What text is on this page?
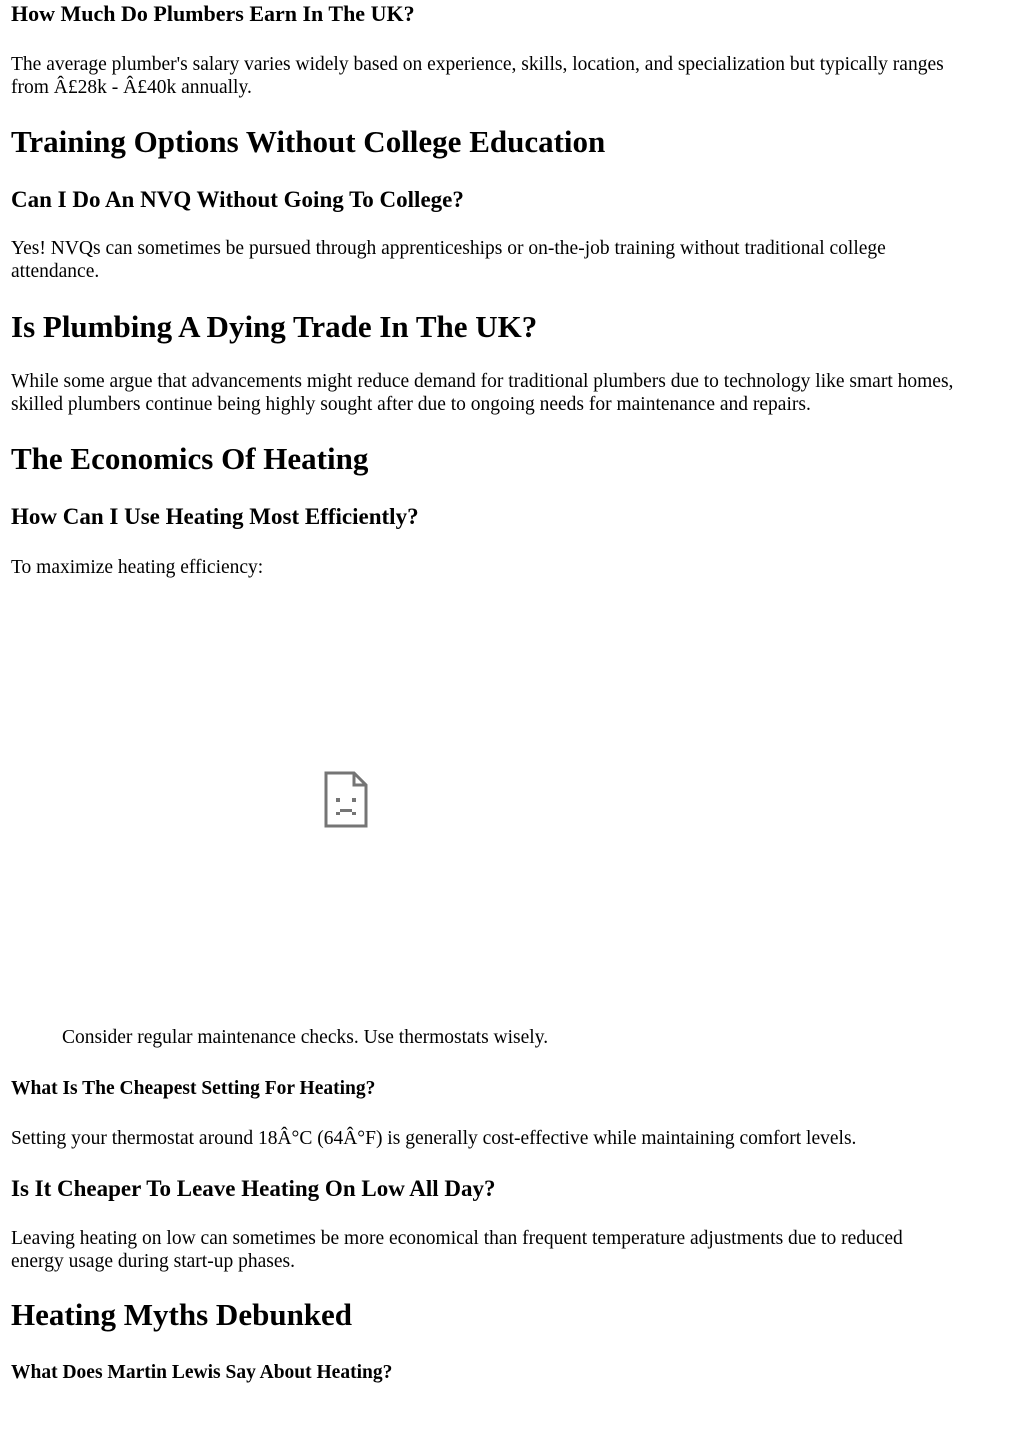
How Much Do Plumbers Earn In The UK?

The average plumber's salary varies widely based on experience, skills, location, and specialization but typically ranges

from Â£28k - Â£40k annually.

Training Options Without College Education
Can I Do An NVQ Without Going To College?

Yes! NVQs can sometimes be pursued through apprenticeships or on-the-job training without traditional college

attendance.

Is Plumbing A Dying Trade In The UK?

While some argue that advancements might reduce demand for traditional plumbers due to technology like smart homes,

skilled plumbers continue being highly sought after due to ongoing needs for maintenance and repairs.

The Economics Of Heating
How Can I Use Heating Most Efficiently?

To maximize heating efficiency:

Consider regular maintenance checks. Use thermostats wisely.

What Is The Cheapest Setting For Heating?

Setting your thermostat around 18Â°C (64Â°F) is generally cost-effective while maintaining comfort levels.

Is It Cheaper To Leave Heating On Low All Day?

Leaving heating on low can sometimes be more economical than frequent temperature adjustments due to reduced

energy usage during start-up phases.

Heating Myths Debunked
What Does Martin Lewis Say About Heating?
